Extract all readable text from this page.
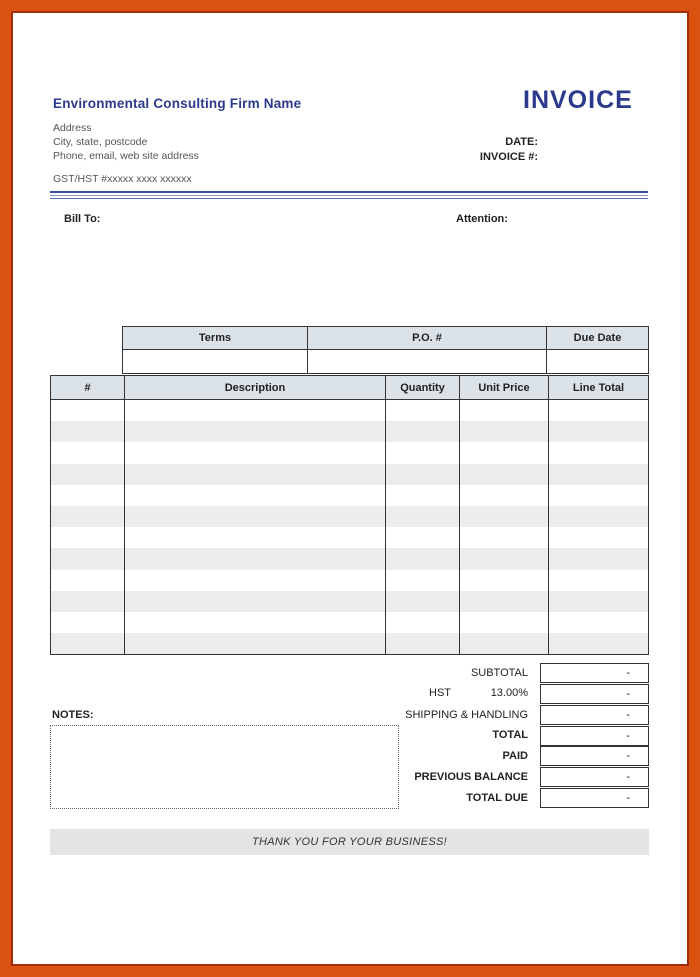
Environmental Consulting Firm Name	INVOICE
Address
City, state, postcode
Phone, email, web site address
GST/HST #xxxxx xxxx xxxxxx
DATE:
INVOICE #:
Bill To:	Attention:
Terms	P.O. #	Due Date

#	Description	Quantity	Unit Price	Line Total

SUBTOTAL	-
HST	13.00%	-
SHIPPING & HANDLING	-
TOTAL	-
PAID	-
PREVIOUS BALANCE	-
TOTAL DUE	-
NOTES:
THANK YOU FOR YOUR BUSINESS!
